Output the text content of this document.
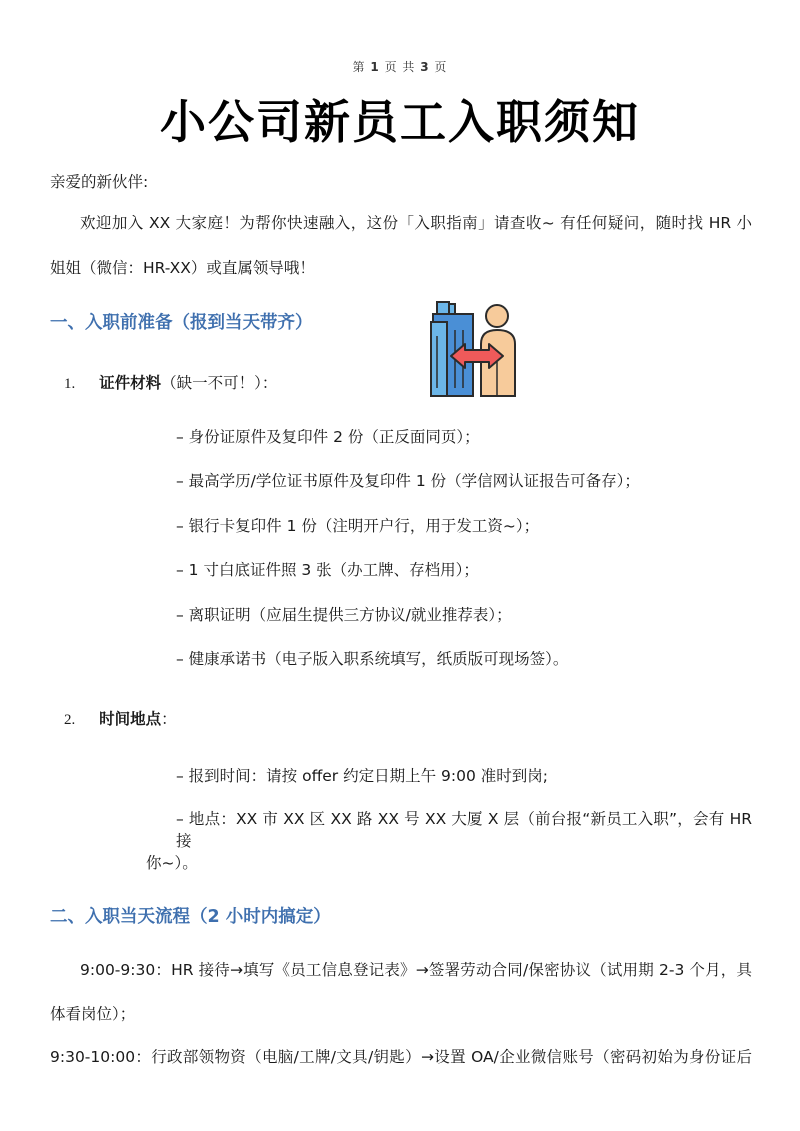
第 1 页 共 3 页
小公司新员工入职须知
亲爱的新伙伴:
欢迎加入 XX 大家庭！为帮你快速融入，这份「入职指南」请查收~ 有任何疑问，随时找 HR 小
姐姐（微信：HR-XX）或直属领导哦！
一、入职前准备（报到当天带齐）
1. 证件材料（缺一不可！）：
– 身份证原件及复印件 2 份（正反面同页）；
– 最高学历/学位证书原件及复印件 1 份（学信网认证报告可备存）；
– 银行卡复印件 1 份（注明开户行，用于发工资~）；
– 1 寸白底证件照 3 张（办工牌、存档用）；
– 离职证明（应届生提供三方协议/就业推荐表）；
– 健康承诺书（电子版入职系统填写，纸质版可现场签）。
2. 时间地点：
– 报到时间：请按 offer 约定日期上午 9:00 准时到岗;
– 地点：XX 市 XX 区 XX 路 XX 号 XX 大厦 X 层（前台报“新员工入职”，会有 HR 接
你~）。
二、入职当天流程（2 小时内搞定）
9:00-9:30：HR 接待→填写《员工信息登记表》→签署劳动合同/保密协议（试用期 2-3 个月，具
体看岗位）；
9:30-10:00：行政部领物资（电脑/工牌/文具/钥匙）→设置 OA/企业微信账号（密码初始为身份证后
